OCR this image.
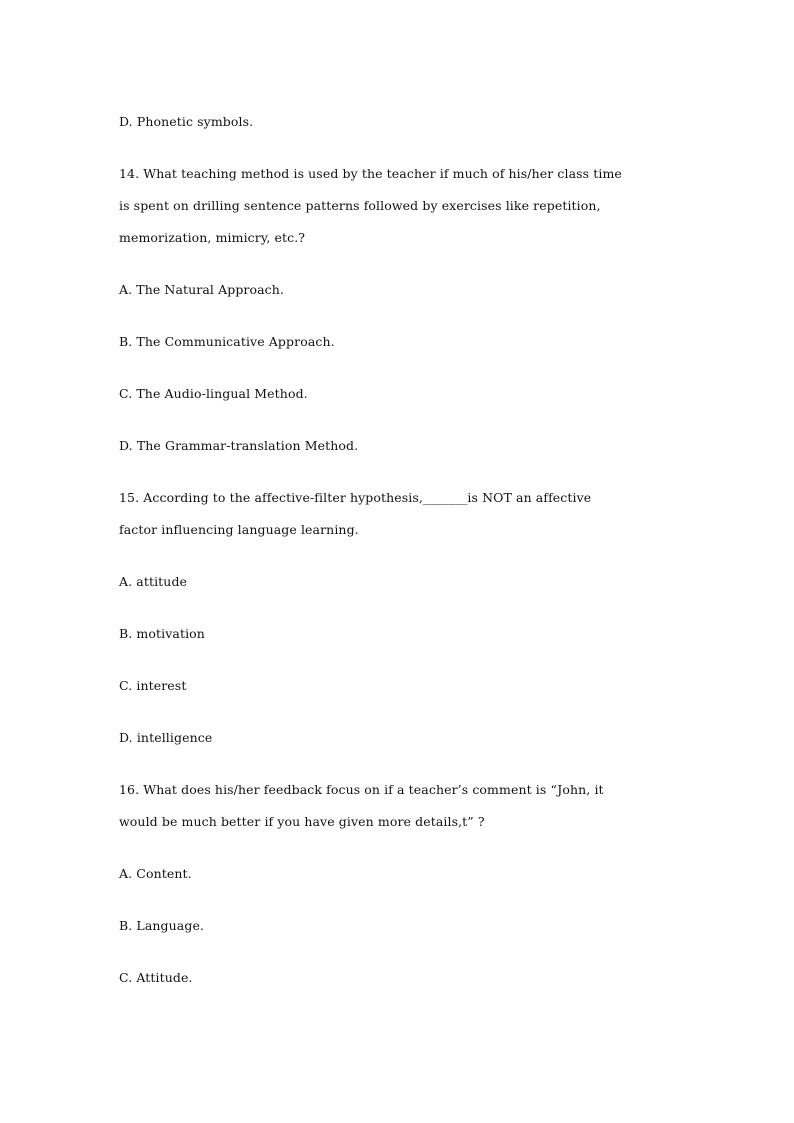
D. Phonetic symbols.
14. What teaching method is used by the teacher if much of his/her class time
is spent on drilling sentence patterns followed by exercises like repetition,
memorization, mimicry, etc.?
A. The Natural Approach.
B. The Communicative Approach.
C. The Audio-lingual Method.
D. The Grammar-translation Method.
15. According to the affective-filter hypothesis,_______is NOT an affective
factor influencing language learning.
A. attitude
B. motivation
C. interest
D. intelligence
16. What does his/her feedback focus on if a teacher’s comment is “John, it
would be much better if you have given more details,t” ?
A. Content.
B. Language.
C. Attitude.
